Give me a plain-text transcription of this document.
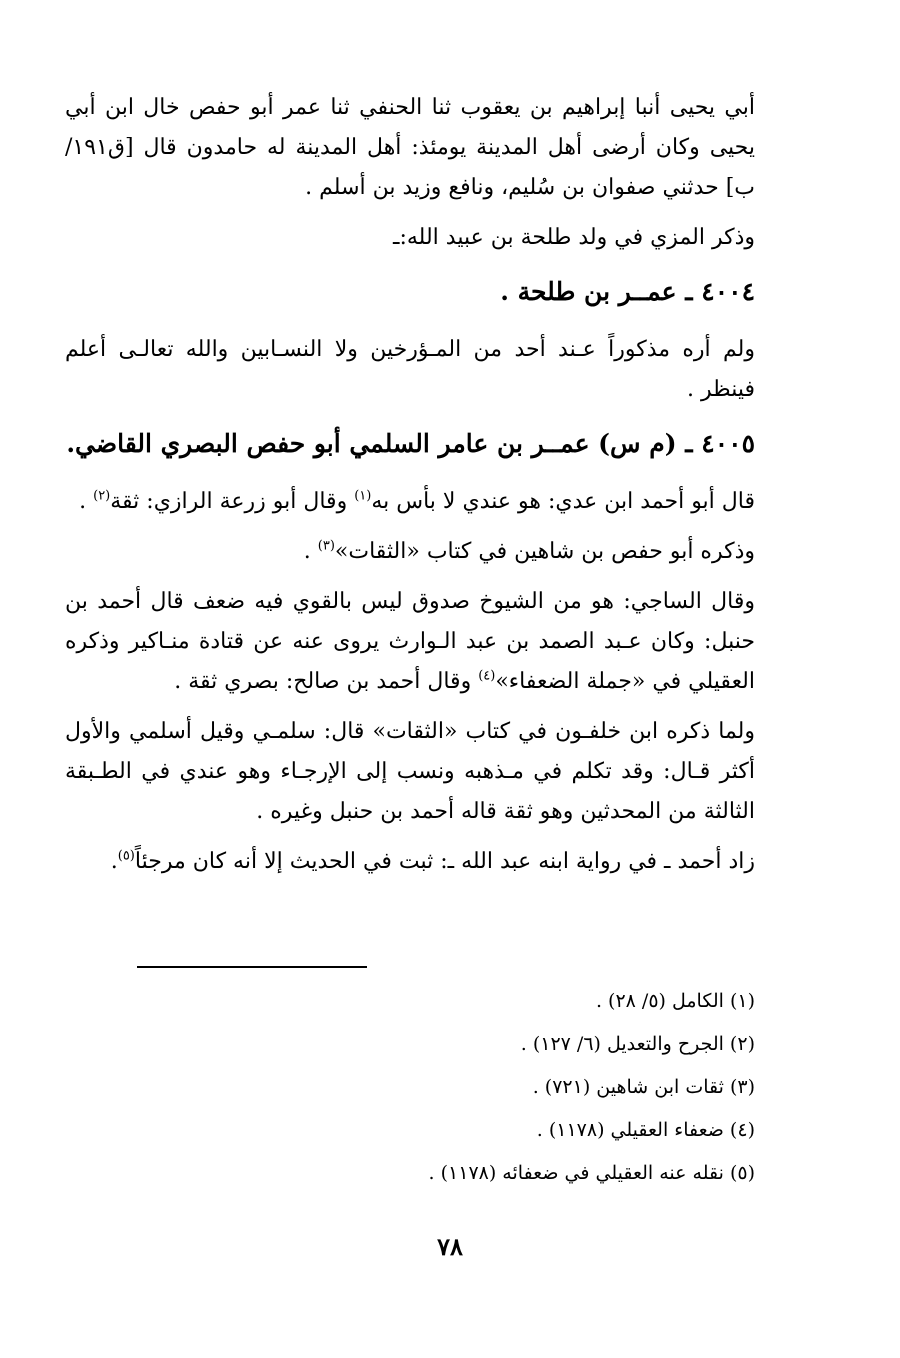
أبي يحيى أنبا إبراهيم بن يعقوب ثنا الحنفي ثنا عمر أبو حفص خال ابن أبي يحيى وكان أرضى أهل المدينة يومئذ: أهل المدينة له حامدون قال [ق١٩١/ ب] حدثني صفوان بن سُليم، ونافع وزيد بن أسلم .

وذكر المزي في ولد طلحة بن عبيد الله:ـ

٤٠٠٤ ـ عمــر بن طلحة .

ولم أره مذكوراً عـند أحد من المـؤرخين ولا النسـابين والله تعالـى أعلم فينظر .

٤٠٠٥ ـ (م س) عمــر بن عامر السلمي أبو حفص البصري القاضي.

قال أبو أحمد ابن عدي: هو عندي لا بأس به$^{(١)}$ وقال أبو زرعة الرازي: ثقة$^{(٢)}$ .

وذكره أبو حفص بن شاهين في كتاب «الثقات»$^{(٣)}$ .

وقال الساجي: هو من الشيوخ صدوق ليس بالقوي فيه ضعف قال أحمد بن حنبل: وكان عـبد الصمد بن عبد الـوارث يروى عنه عن قتادة منـاكير وذكره العقيلي في «جملة الضعفاء»$^{(٤)}$ وقال أحمد بن صالح: بصري ثقة .

ولما ذكره ابن خلفـون في كتاب «الثقات» قال: سلمـي وقيل أسلمي والأول أكثر قـال: وقد تكلم في مـذهبه ونسب إلى الإرجـاء وهو عندي في الطـبقة الثالثة من المحدثين وهو ثقة قاله أحمد بن حنبل وغيره .

زاد أحمد ـ في رواية ابنه عبد الله ـ: ثبت في الحديث إلا أنه كان مرجئاً$^{(٥)}$.

(١) الكامل (٥/ ٢٨) .

(٢) الجرح والتعديل (٦/ ١٢٧) .

(٣) ثقات ابن شاهين (٧٢١) .

(٤) ضعفاء العقيلي (١١٧٨) .

(٥) نقله عنه العقيلي في ضعفائه (١١٧٨) .

٧٨
